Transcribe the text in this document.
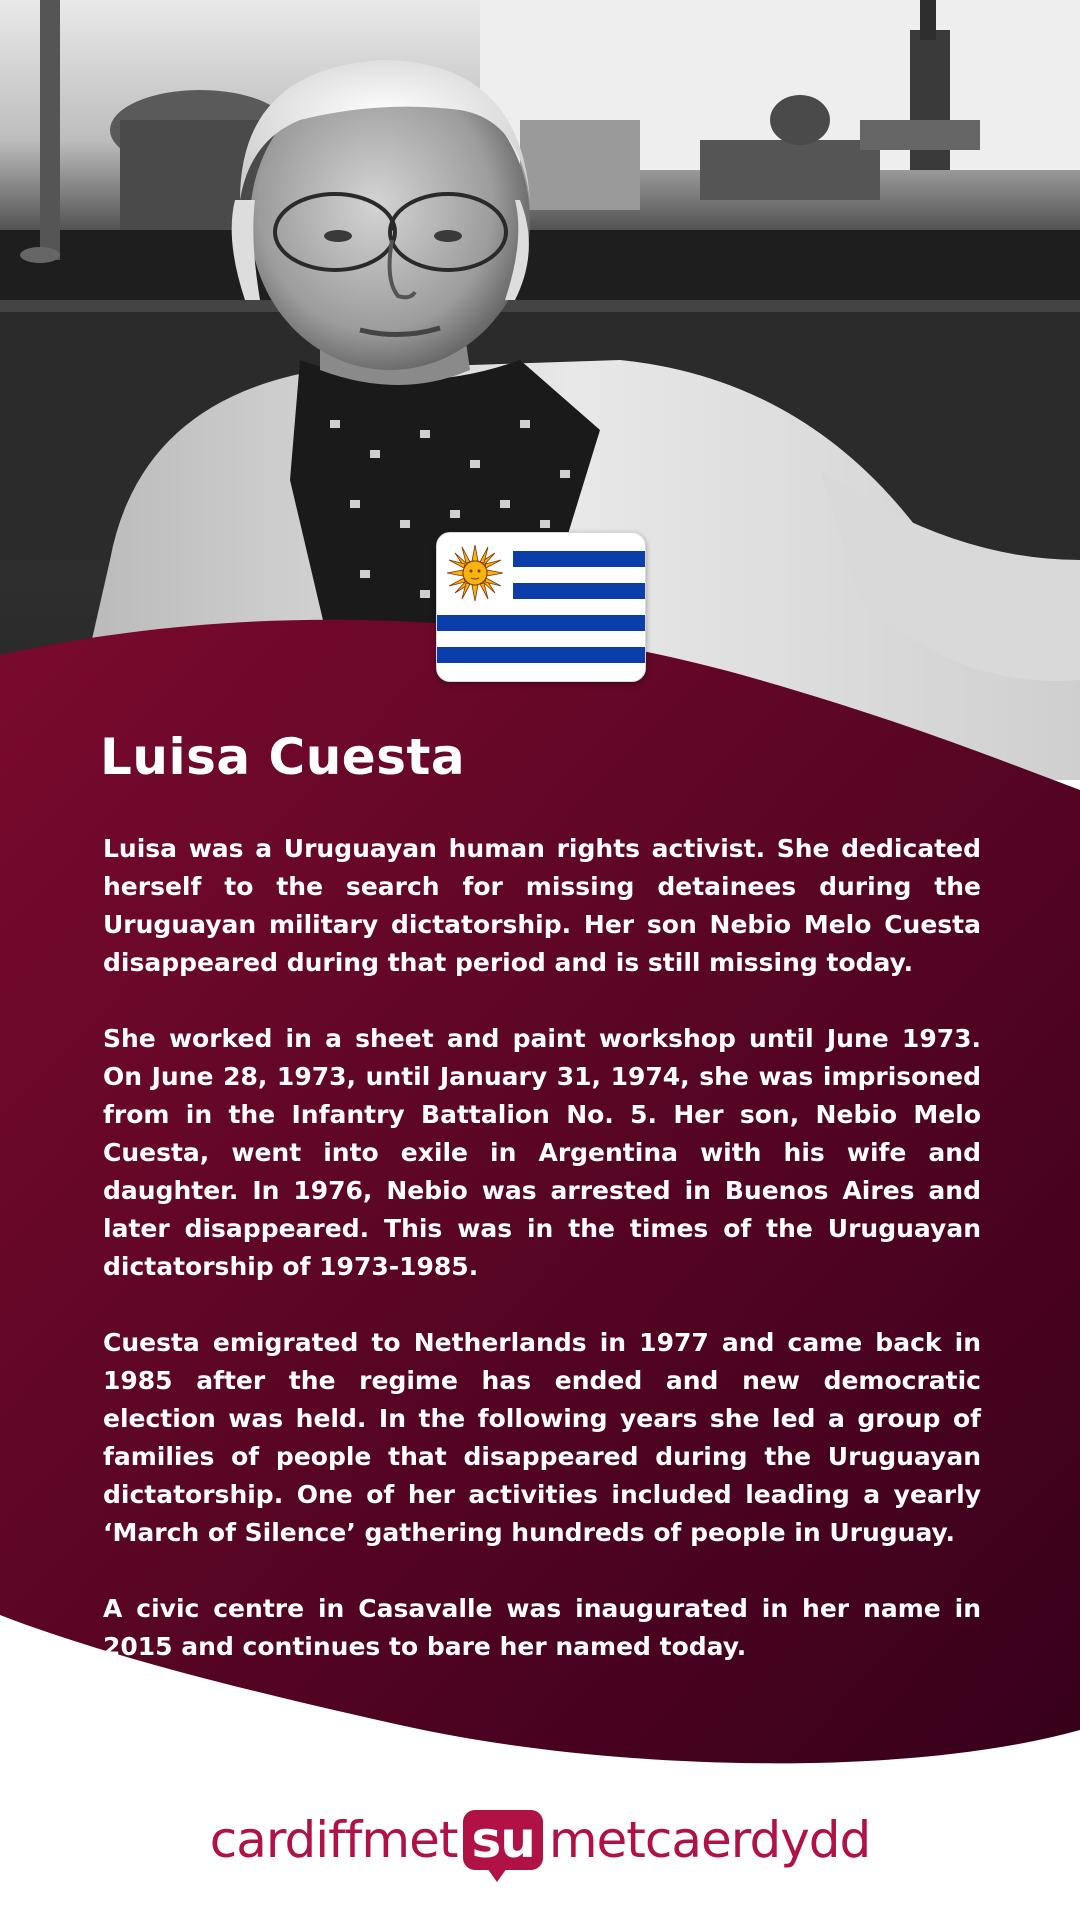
Luisa Cuesta

Luisa was a Uruguayan human rights activist. She dedicated herself to the search for missing detainees during the Uruguayan military dictatorship. Her son Nebio Melo Cuesta disappeared during that period and is still missing today.

She worked in a sheet and paint workshop until June 1973. On June 28, 1973, until January 31, 1974, she was imprisoned from in the Infantry Battalion No. 5. Her son, Nebio Melo Cuesta, went into exile in Argentina with his wife and daughter. In 1976, Nebio was arrested in Buenos Aires and later disappeared. This was in the times of the Uruguayan dictatorship of 1973-1985.

Cuesta emigrated to Netherlands in 1977 and came back in 1985 after the regime has ended and new democratic election was held. In the following years she led a group of families of people that disappeared during the Uruguayan dictatorship. One of her activities included leading a yearly ‘March of Silence’ gathering hundreds of people in Uruguay.

A civic centre in Casavalle was inaugurated in her name in 2015 and continues to bare her named today.

cardiffmet su metcaerdydd
